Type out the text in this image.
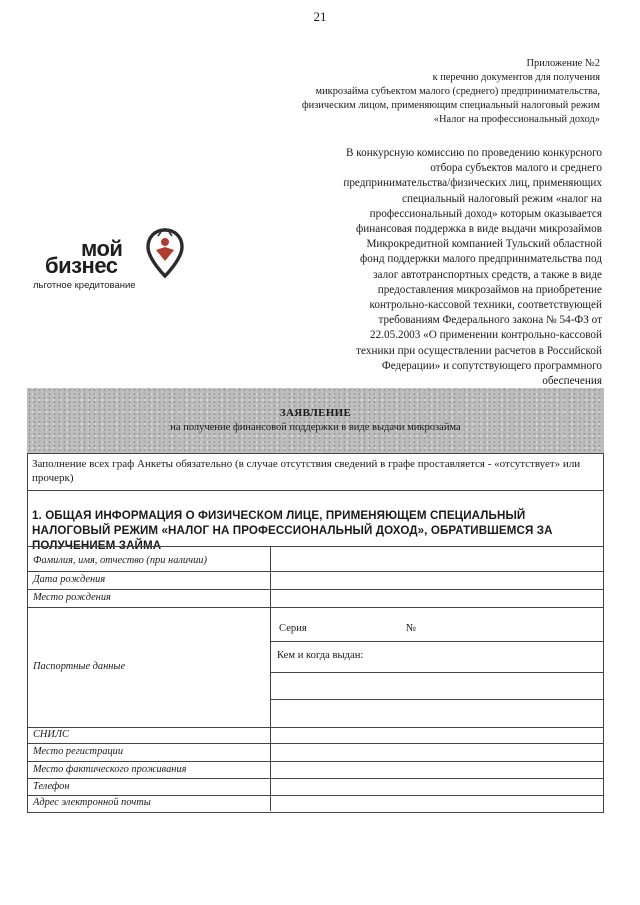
21
Приложение №2
к перечню документов для получения
микрозайма субъектом малого (среднего) предпринимательства,
физическим лицом, применяющим специальный налоговый режим
«Налог на профессиональный доход»
В конкурсную комиссию по проведению конкурсного
отбора субъектов малого и среднего
предпринимательства/физических лиц, применяющих
специальный налоговый режим «налог на
профессиональный доход» которым оказывается
финансовая поддержка в виде выдачи микрозаймов
Микрокредитной компанией Тульский областной
фонд поддержки малого предпринимательства под
залог автотранспортных средств, а также в виде
предоставления микрозаймов на приобретение
контрольно-кассовой техники, соответствующей
требованиям Федерального закона № 54-ФЗ от
22.05.2003 «О применении контрольно-кассовой
техники при осуществлении расчетов в Российской
Федерации» и сопутствующего программного
обеспечения
мой
бизнес
льготное кредитование
ЗАЯВЛЕНИЕ
на получение финансовой поддержки в виде выдачи микрозайма
Заполнение всех граф Анкеты обязательно (в случае отсутствия сведений в графе проставляется - «отсутствует» или прочерк)
1. ОБЩАЯ ИНФОРМАЦИЯ О ФИЗИЧЕСКОМ ЛИЦЕ, ПРИМЕНЯЮЩЕМ СПЕЦИАЛЬНЫЙ НАЛОГОВЫЙ РЕЖИМ «НАЛОГ НА ПРОФЕССИОНАЛЬНЫЙ ДОХОД», ОБРАТИВШЕМСЯ ЗА ПОЛУЧЕНИЕМ ЗАЙМА
Фамилия, имя, отчество (при наличии)
Дата рождения
Место рождения
Паспортные данные
Серия	№
Кем и когда выдан:
СНИЛС
Место регистрации
Место фактического проживания
Телефон
Адрес электронной почты
